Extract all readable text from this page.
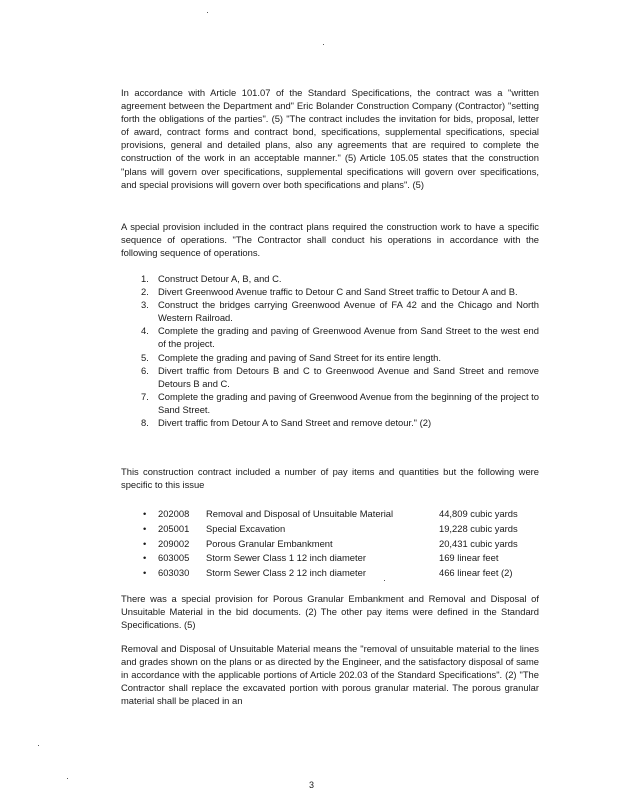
In accordance with Article 101.07 of the Standard Specifications, the contract was a "written agreement between the Department and" Eric Bolander Construction Company (Contractor) "setting forth the obligations of the parties". (5) "The contract includes the invitation for bids, proposal, letter of award, contract forms and contract bond, specifications, supplemental specifications, special provisions, general and detailed plans, also any agreements that are required to complete the construction of the work in an acceptable manner." (5) Article 105.05 states that the construction "plans will govern over specifications, supplemental specifications will govern over specifications, and special provisions will govern over both specifications and plans". (5)

A special provision included in the contract plans required the construction work to have a specific sequence of operations. "The Contractor shall conduct his operations in accordance with the following sequence of operations.

1. Construct Detour A, B, and C.
2. Divert Greenwood Avenue traffic to Detour C and Sand Street traffic to Detour A and B.
3. Construct the bridges carrying Greenwood Avenue of FA 42 and the Chicago and North Western Railroad.
4. Complete the grading and paving of Greenwood Avenue from Sand Street to the west end of the project.
5. Complete the grading and paving of Sand Street for its entire length.
6. Divert traffic from Detours B and C to Greenwood Avenue and Sand Street and remove Detours B and C.
7. Complete the grading and paving of Greenwood Avenue from the beginning of the project to Sand Street.
8. Divert traffic from Detour A to Sand Street and remove detour." (2)

This construction contract included a number of pay items and quantities but the following were specific to this issue

• 202008 Removal and Disposal of Unsuitable Material	44,809 cubic yards
• 205001 Special Excavation	19,228 cubic yards
• 209002 Porous Granular Embankment	20,431 cubic yards
• 603005 Storm Sewer Class 1 12 inch diameter	169 linear feet
• 603030 Storm Sewer Class 2 12 inch diameter	466 linear feet (2)

There was a special provision for Porous Granular Embankment and Removal and Disposal of Unsuitable Material in the bid documents. (2) The other pay items were defined in the Standard Specifications. (5)

Removal and Disposal of Unsuitable Material means the "removal of unsuitable material to the lines and grades shown on the plans or as directed by the Engineer, and the satisfactory disposal of same in accordance with the applicable portions of Article 202.03 of the Standard Specifications". (2) "The Contractor shall replace the excavated portion with porous granular material. The porous granular material shall be placed in an

3
